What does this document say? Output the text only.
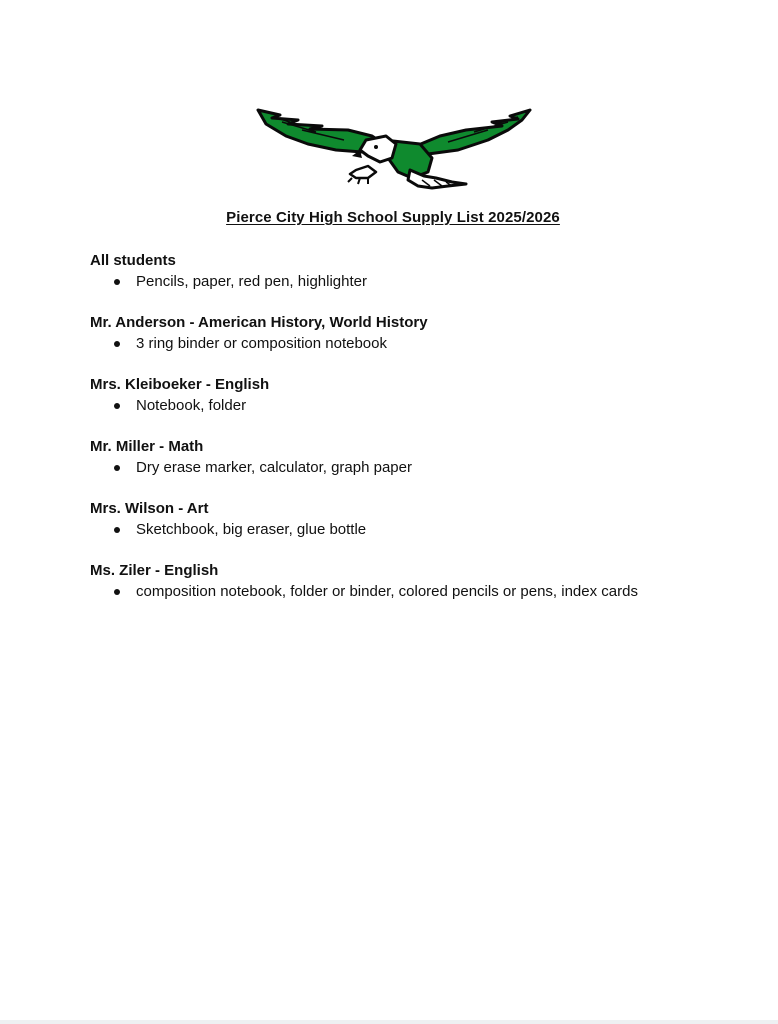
Pierce City High School Supply List 2025/2026

All students

Pencils, paper, red pen, highlighter

Mr. Anderson - American History, World History

3 ring binder or composition notebook

Mrs. Kleiboeker - English

Notebook, folder

Mr. Miller - Math

Dry erase marker, calculator, graph paper

Mrs. Wilson - Art

Sketchbook, big eraser, glue bottle

Ms. Ziler - English

composition notebook, folder or binder, colored pencils or pens, index cards
